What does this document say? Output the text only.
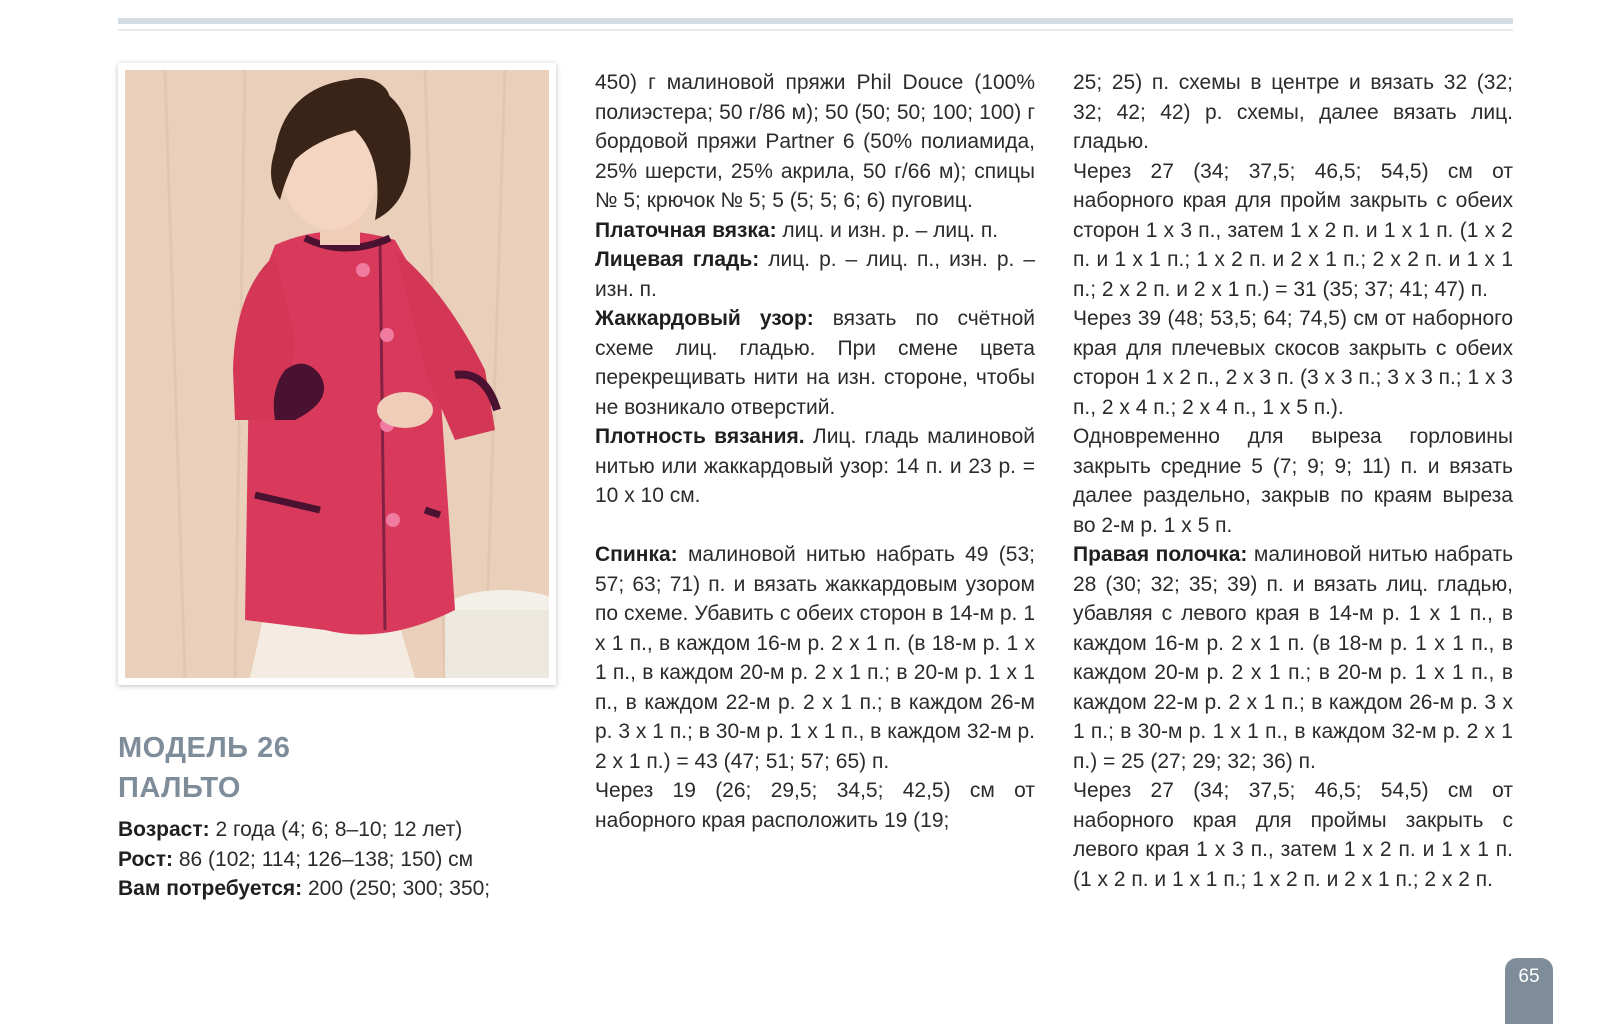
МОДЕЛЬ 26
ПАЛЬТО

Возраст: 2 года (4; 6; 8–10; 12 лет)

Рост: 86 (102; 114; 126–138; 150) см

Вам потребуется: 200 (250; 300; 350;

450) г малиновой пряжи Phil Douce (100% полиэстера; 50 г/86 м); 50 (50; 50; 100; 100) г бордовой пряжи Partner 6 (50% полиамида, 25% шерсти, 25% акрила, 50 г/66 м); спицы № 5; крючок № 5; 5 (5; 5; 6; 6) пуговиц.

Платочная вязка: лиц. и изн. р. – лиц. п.

Лицевая гладь: лиц. р. – лиц. п., изн. р. – изн. п.

Жаккардовый узор: вязать по счётной схеме лиц. гладью. При смене цвета перекрещивать нити на изн. стороне, чтобы не возникало отверстий.

Плотность вязания. Лиц. гладь малиновой нитью или жаккардовый узор: 14 п. и 23 р. = 10 х 10 см.

Спинка: малиновой нитью набрать 49 (53; 57; 63; 71) п. и вязать жаккардовым узором по схеме. Убавить с обеих сторон в 14-м р. 1 х 1 п., в каждом 16-м р. 2 х 1 п. (в 18-м р. 1 х 1 п., в каждом 20-м р. 2 х 1 п.; в 20-м р. 1 х 1 п., в каждом 22-м р. 2 х 1 п.; в каждом 26-м р. 3 х 1 п.; в 30-м р. 1 х 1 п., в каждом 32-м р. 2 х 1 п.) = 43 (47; 51; 57; 65) п.

Через 19 (26; 29,5; 34,5; 42,5) см от наборного края расположить 19 (19;

25; 25) п. схемы в центре и вязать 32 (32; 32; 42; 42) р. схемы, далее вязать лиц. гладью.

Через 27 (34; 37,5; 46,5; 54,5) см от наборного края для пройм закрыть с обеих сторон 1 х 3 п., затем 1 х 2 п. и 1 х 1 п. (1 х 2 п. и 1 х 1 п.; 1 х 2 п. и 2 х 1 п.; 2 х 2 п. и 1 х 1 п.; 2 х 2 п. и 2 х 1 п.) = 31 (35; 37; 41; 47) п.

Через 39 (48; 53,5; 64; 74,5) см от наборного края для плечевых скосов закрыть с обеих сторон 1 х 2 п., 2 х 3 п. (3 х 3 п.; 3 х 3 п.; 1 х 3 п., 2 х 4 п.; 2 х 4 п., 1 х 5 п.).

Одновременно для выреза горловины закрыть средние 5 (7; 9; 9; 11) п. и вязать далее раздельно, закрыв по краям выреза во 2-м р. 1 х 5 п.

Правая полочка: малиновой нитью набрать 28 (30; 32; 35; 39) п. и вязать лиц. гладью, убавляя с левого края в 14-м р. 1 х 1 п., в каждом 16-м р. 2 х 1 п. (в 18-м р. 1 х 1 п., в каждом 20-м р. 2 х 1 п.; в 20-м р. 1 х 1 п., в каждом 22-м р. 2 х 1 п.; в каждом 26-м р. 3 х 1 п.; в 30-м р. 1 х 1 п., в каждом 32-м р. 2 х 1 п.) = 25 (27; 29; 32; 36) п.

Через 27 (34; 37,5; 46,5; 54,5) см от наборного края для проймы закрыть с левого края 1 х 3 п., затем 1 х 2 п. и 1 х 1 п. (1 х 2 п. и 1 х 1 п.; 1 х 2 п. и 2 х 1 п.; 2 х 2 п.

65
